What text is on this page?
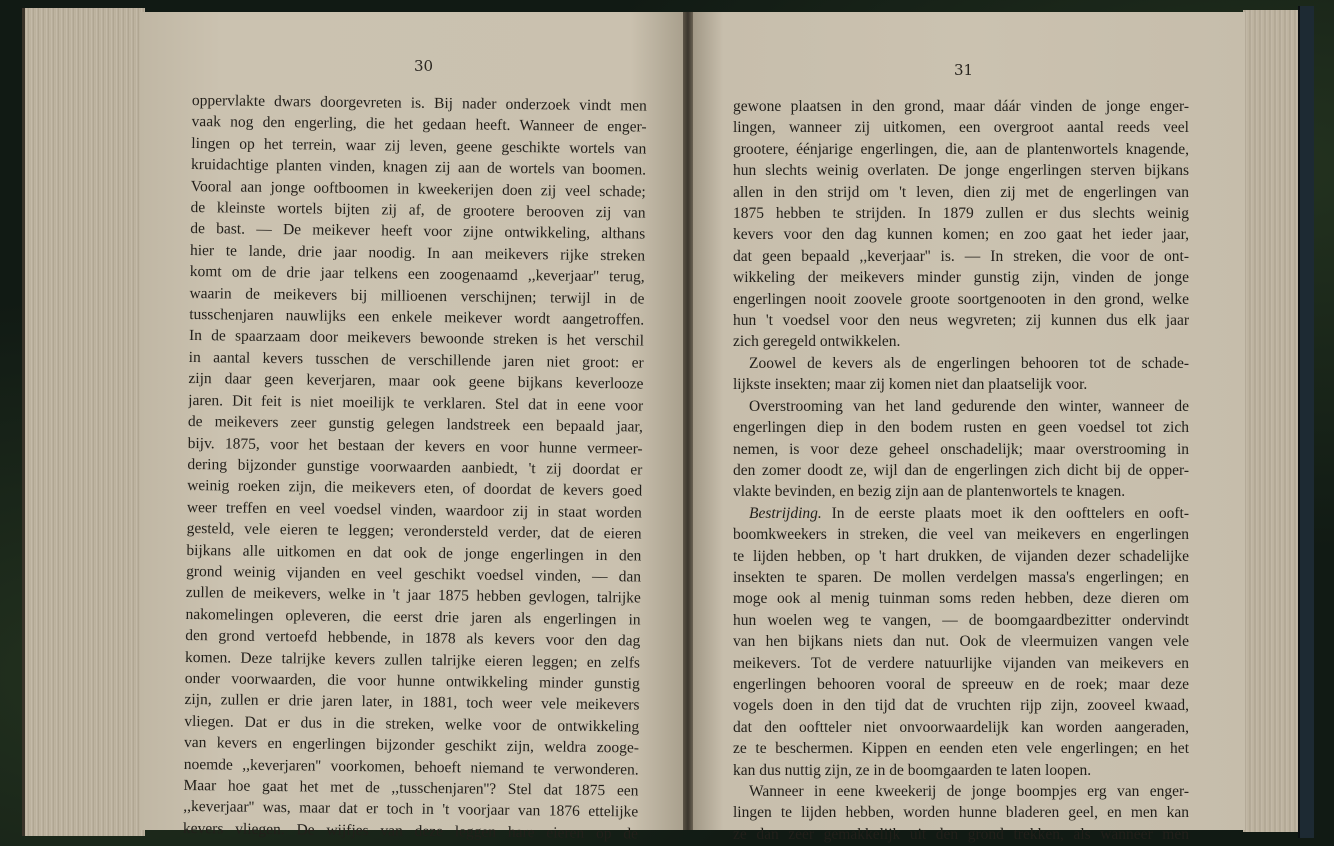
30	31
oppervlakte dwars doorgevreten is. Bij nader onderzoek vindt men
vaak nog den engerling, die het gedaan heeft. Wanneer de enger-
lingen op het terrein, waar zij leven, geene geschikte wortels van
kruidachtige planten vinden, knagen zij aan de wortels van boomen.
Vooral aan jonge ooftboomen in kweekerijen doen zij veel schade;
de kleinste wortels bijten zij af, de grootere berooven zij van
de bast. — De meikever heeft voor zijne ontwikkeling, althans
hier te lande, drie jaar noodig. In aan meikevers rijke streken
komt om de drie jaar telkens een zoogenaamd ,,keverjaar'' terug,
waarin de meikevers bij millioenen verschijnen; terwijl in de
tusschenjaren nauwlijks een enkele meikever wordt aangetroffen.
In de spaarzaam door meikevers bewoonde streken is het verschil
in aantal kevers tusschen de verschillende jaren niet groot: er
zijn daar geen keverjaren, maar ook geene bijkans keverlooze
jaren. Dit feit is niet moeilijk te verklaren. Stel dat in eene voor
de meikevers zeer gunstig gelegen landstreek een bepaald jaar,
bijv. 1875, voor het bestaan der kevers en voor hunne vermeer-
dering bijzonder gunstige voorwaarden aanbiedt, 't zij doordat er
weinig roeken zijn, die meikevers eten, of doordat de kevers goed
weer treffen en veel voedsel vinden, waardoor zij in staat worden
gesteld, vele eieren te leggen; verondersteld verder, dat de eieren
bijkans alle uitkomen en dat ook de jonge engerlingen in den
grond weinig vijanden en veel geschikt voedsel vinden, — dan
zullen de meikevers, welke in 't jaar 1875 hebben gevlogen, talrijke
nakomelingen opleveren, die eerst drie jaren als engerlingen in
den grond vertoefd hebbende, in 1878 als kevers voor den dag
komen. Deze talrijke kevers zullen talrijke eieren leggen; en zelfs
onder voorwaarden, die voor hunne ontwikkeling minder gunstig
zijn, zullen er drie jaren later, in 1881, toch weer vele meikevers
vliegen. Dat er dus in die streken, welke voor de ontwikkeling
van kevers en engerlingen bijzonder geschikt zijn, weldra zooge-
noemde ,,keverjaren'' voorkomen, behoeft niemand te verwonderen.
Maar hoe gaat het met de ,,tusschenjaren''? Stel dat 1875 een
,,keverjaar'' was, maar dat er toch in 't voorjaar van 1876 ettelijke
kevers vliegen. De wijfjes van deze leggen hare eieren op de
gewone plaatsen in den grond, maar dáár vinden de jonge enger-
lingen, wanneer zij uitkomen, een overgroot aantal reeds veel
grootere, éénjarige engerlingen, die, aan de plantenwortels knagende,
hun slechts weinig overlaten. De jonge engerlingen sterven bijkans
allen in den strijd om 't leven, dien zij met de engerlingen van
1875 hebben te strijden. In 1879 zullen er dus slechts weinig
kevers voor den dag kunnen komen; en zoo gaat het ieder jaar,
dat geen bepaald ,,keverjaar'' is. — In streken, die voor de ont-
wikkeling der meikevers minder gunstig zijn, vinden de jonge
engerlingen nooit zoovele groote soortgenooten in den grond, welke
hun 't voedsel voor den neus wegvreten; zij kunnen dus elk jaar
zich geregeld ontwikkelen.
Zoowel de kevers als de engerlingen behooren tot de schade-
lijkste insekten; maar zij komen niet dan plaatselijk voor.
Overstrooming van het land gedurende den winter, wanneer de
engerlingen diep in den bodem rusten en geen voedsel tot zich
nemen, is voor deze geheel onschadelijk; maar overstrooming in
den zomer doodt ze, wijl dan de engerlingen zich dicht bij de opper-
vlakte bevinden, en bezig zijn aan de plantenwortels te knagen.
Bestrijding. In de eerste plaats moet ik den oofttelers en ooft-
boomkweekers in streken, die veel van meikevers en engerlingen
te lijden hebben, op 't hart drukken, de vijanden dezer schadelijke
insekten te sparen. De mollen verdelgen massa's engerlingen; en
moge ook al menig tuinman soms reden hebben, deze dieren om
hun woelen weg te vangen, — de boomgaardbezitter ondervindt
van hen bijkans niets dan nut. Ook de vleermuizen vangen vele
meikevers. Tot de verdere natuurlijke vijanden van meikevers en
engerlingen behooren vooral de spreeuw en de roek; maar deze
vogels doen in den tijd dat de vruchten rijp zijn, zooveel kwaad,
dat den ooftteler niet onvoorwaardelijk kan worden aangeraden,
ze te beschermen. Kippen en eenden eten vele engerlingen; en het
kan dus nuttig zijn, ze in de boomgaarden te laten loopen.
Wanneer in eene kweekerij de jonge boompjes erg van enger-
lingen te lijden hebben, worden hunne bladeren geel, en men kan
ze dan zeer gemakkelijk uit den grond trekken, als wanneer men
